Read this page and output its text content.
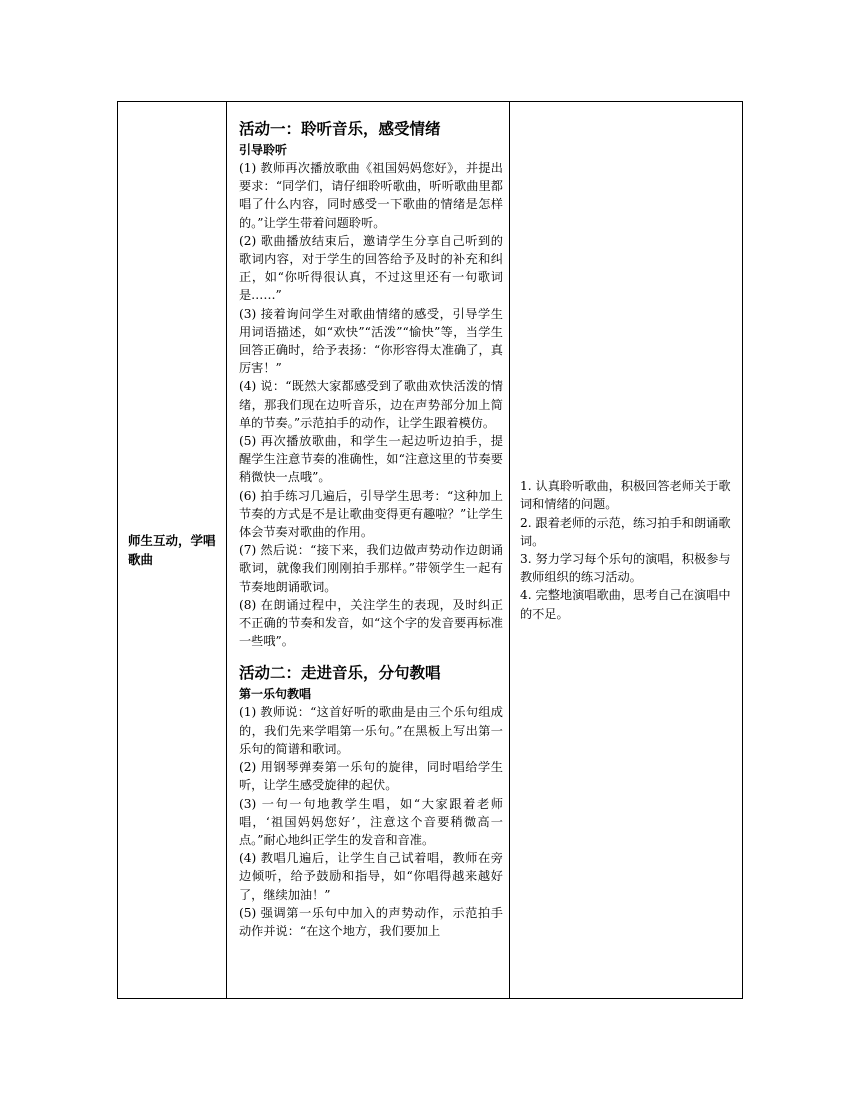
师生互动，学唱歌曲

活动一：聆听音乐，感受情绪
引导聆听
(1) 教师再次播放歌曲《祖国妈妈您好》，并提出要求：“同学们，请仔细聆听歌曲，听听歌曲里都唱了什么内容，同时感受一下歌曲的情绪是怎样的。”让学生带着问题聆听。
(2) 歌曲播放结束后，邀请学生分享自己听到的歌词内容，对于学生的回答给予及时的补充和纠正，如“你听得很认真，不过这里还有一句歌词是……”
(3) 接着询问学生对歌曲情绪的感受，引导学生用词语描述，如“欢快”“活泼”“愉快”等，当学生回答正确时，给予表扬：“你形容得太准确了，真厉害！”
(4) 说：“既然大家都感受到了歌曲欢快活泼的情绪，那我们现在边听音乐，边在声势部分加上简单的节奏。”示范拍手的动作，让学生跟着模仿。
(5) 再次播放歌曲，和学生一起边听边拍手，提醒学生注意节奏的准确性，如“注意这里的节奏要稍微快一点哦”。
(6) 拍手练习几遍后，引导学生思考：“这种加上节奏的方式是不是让歌曲变得更有趣啦？”让学生体会节奏对歌曲的作用。
(7) 然后说：“接下来，我们边做声势动作边朗诵歌词，就像我们刚刚拍手那样。”带领学生一起有节奏地朗诵歌词。
(8) 在朗诵过程中，关注学生的表现，及时纠正不正确的节奏和发音，如“这个字的发音要再标准一些哦”。
活动二：走进音乐，分句教唱
第一乐句教唱
(1) 教师说：“这首好听的歌曲是由三个乐句组成的，我们先来学唱第一乐句。”在黑板上写出第一乐句的简谱和歌词。
(2) 用钢琴弹奏第一乐句的旋律，同时唱给学生听，让学生感受旋律的起伏。
(3) 一句一句地教学生唱，如“大家跟着老师唱，‘祖国妈妈您好’，注意这个音要稍微高一点。”耐心地纠正学生的发音和音准。
(4) 教唱几遍后，让学生自己试着唱，教师在旁边倾听，给予鼓励和指导，如“你唱得越来越好了，继续加油！”
(5) 强调第一乐句中加入的声势动作，示范拍手动作并说：“在这个地方，我们要加上

1. 认真聆听歌曲，积极回答老师关于歌词和情绪的问题。
2. 跟着老师的示范，练习拍手和朗诵歌词。
3. 努力学习每个乐句的演唱，积极参与教师组织的练习活动。
4. 完整地演唱歌曲，思考自己在演唱中的不足。
